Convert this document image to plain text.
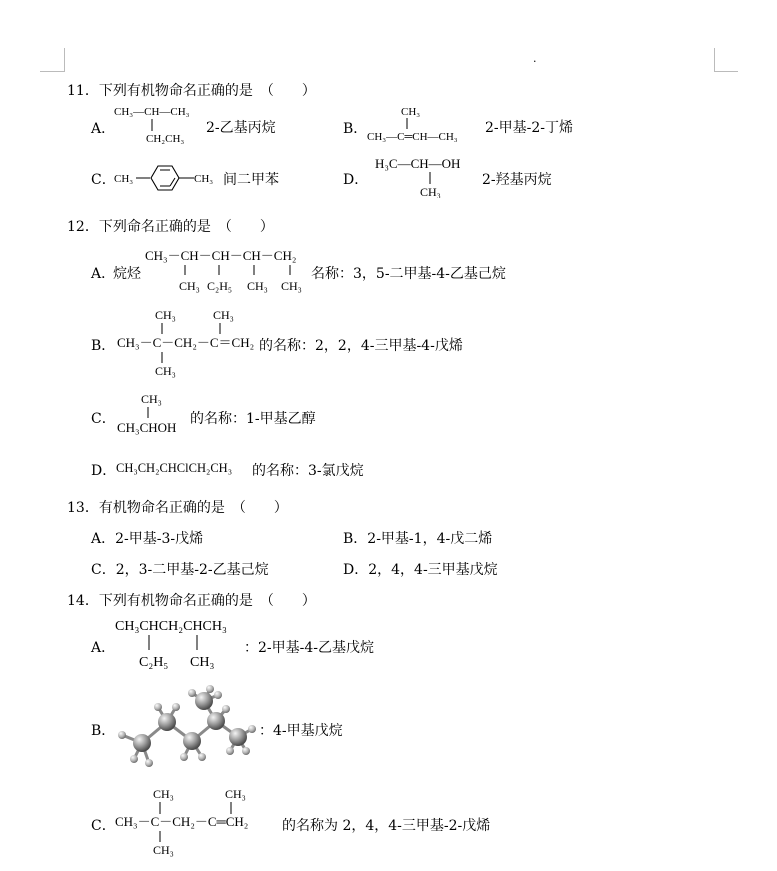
.
11．下列有机物命名正确的是　（　　）
A．
CH₃—CH—CH₃
CH₂CH₃
2-乙基丙烷	B．
CH₃
CH₃—C═CH—CH₃
2-甲基-2-丁烯
C．
CH₃	CH₃ 间二甲苯	D．
H₃C—CH—OH
CH₃
2-羟基丙烷
12．下列命名正确的是　（　　）
A．
烷烃
CH₃－CH－CH－CH－CH₂
CH₃ C₂H₅ CH₃ CH₃
名称：3，5-二甲基-4-乙基己烷
B．
CH₃	CH₃
CH₃－C－CH₂－C＝CH₂
CH₃
的名称：2，2，4-三甲基-4-戊烯
C．
CH₃
CH₃CHOH
的名称：1-甲基乙醇
D． CH₃CH₂CHClCH₂CH₃ 的名称：3-氯戊烷
13．有机物命名正确的是　（　　）
A．2-甲基-3-戊烯	B．2-甲基-1，4-戊二烯
C．2，3-二甲基-2-乙基己烷	D．2，4，4-三甲基戊烷
14．下列有机物命名正确的是　（　　）
A．
CH₃CHCH₂CHCH₃
C₂H₅ CH₃
：2-甲基-4-乙基戊烷
B．	：4-甲基戊烷
C．
CH₃	CH₃
CH₃－C－CH₂－C═CH₂
CH₃
的名称为 2，4，4-三甲基-2-戊烯
